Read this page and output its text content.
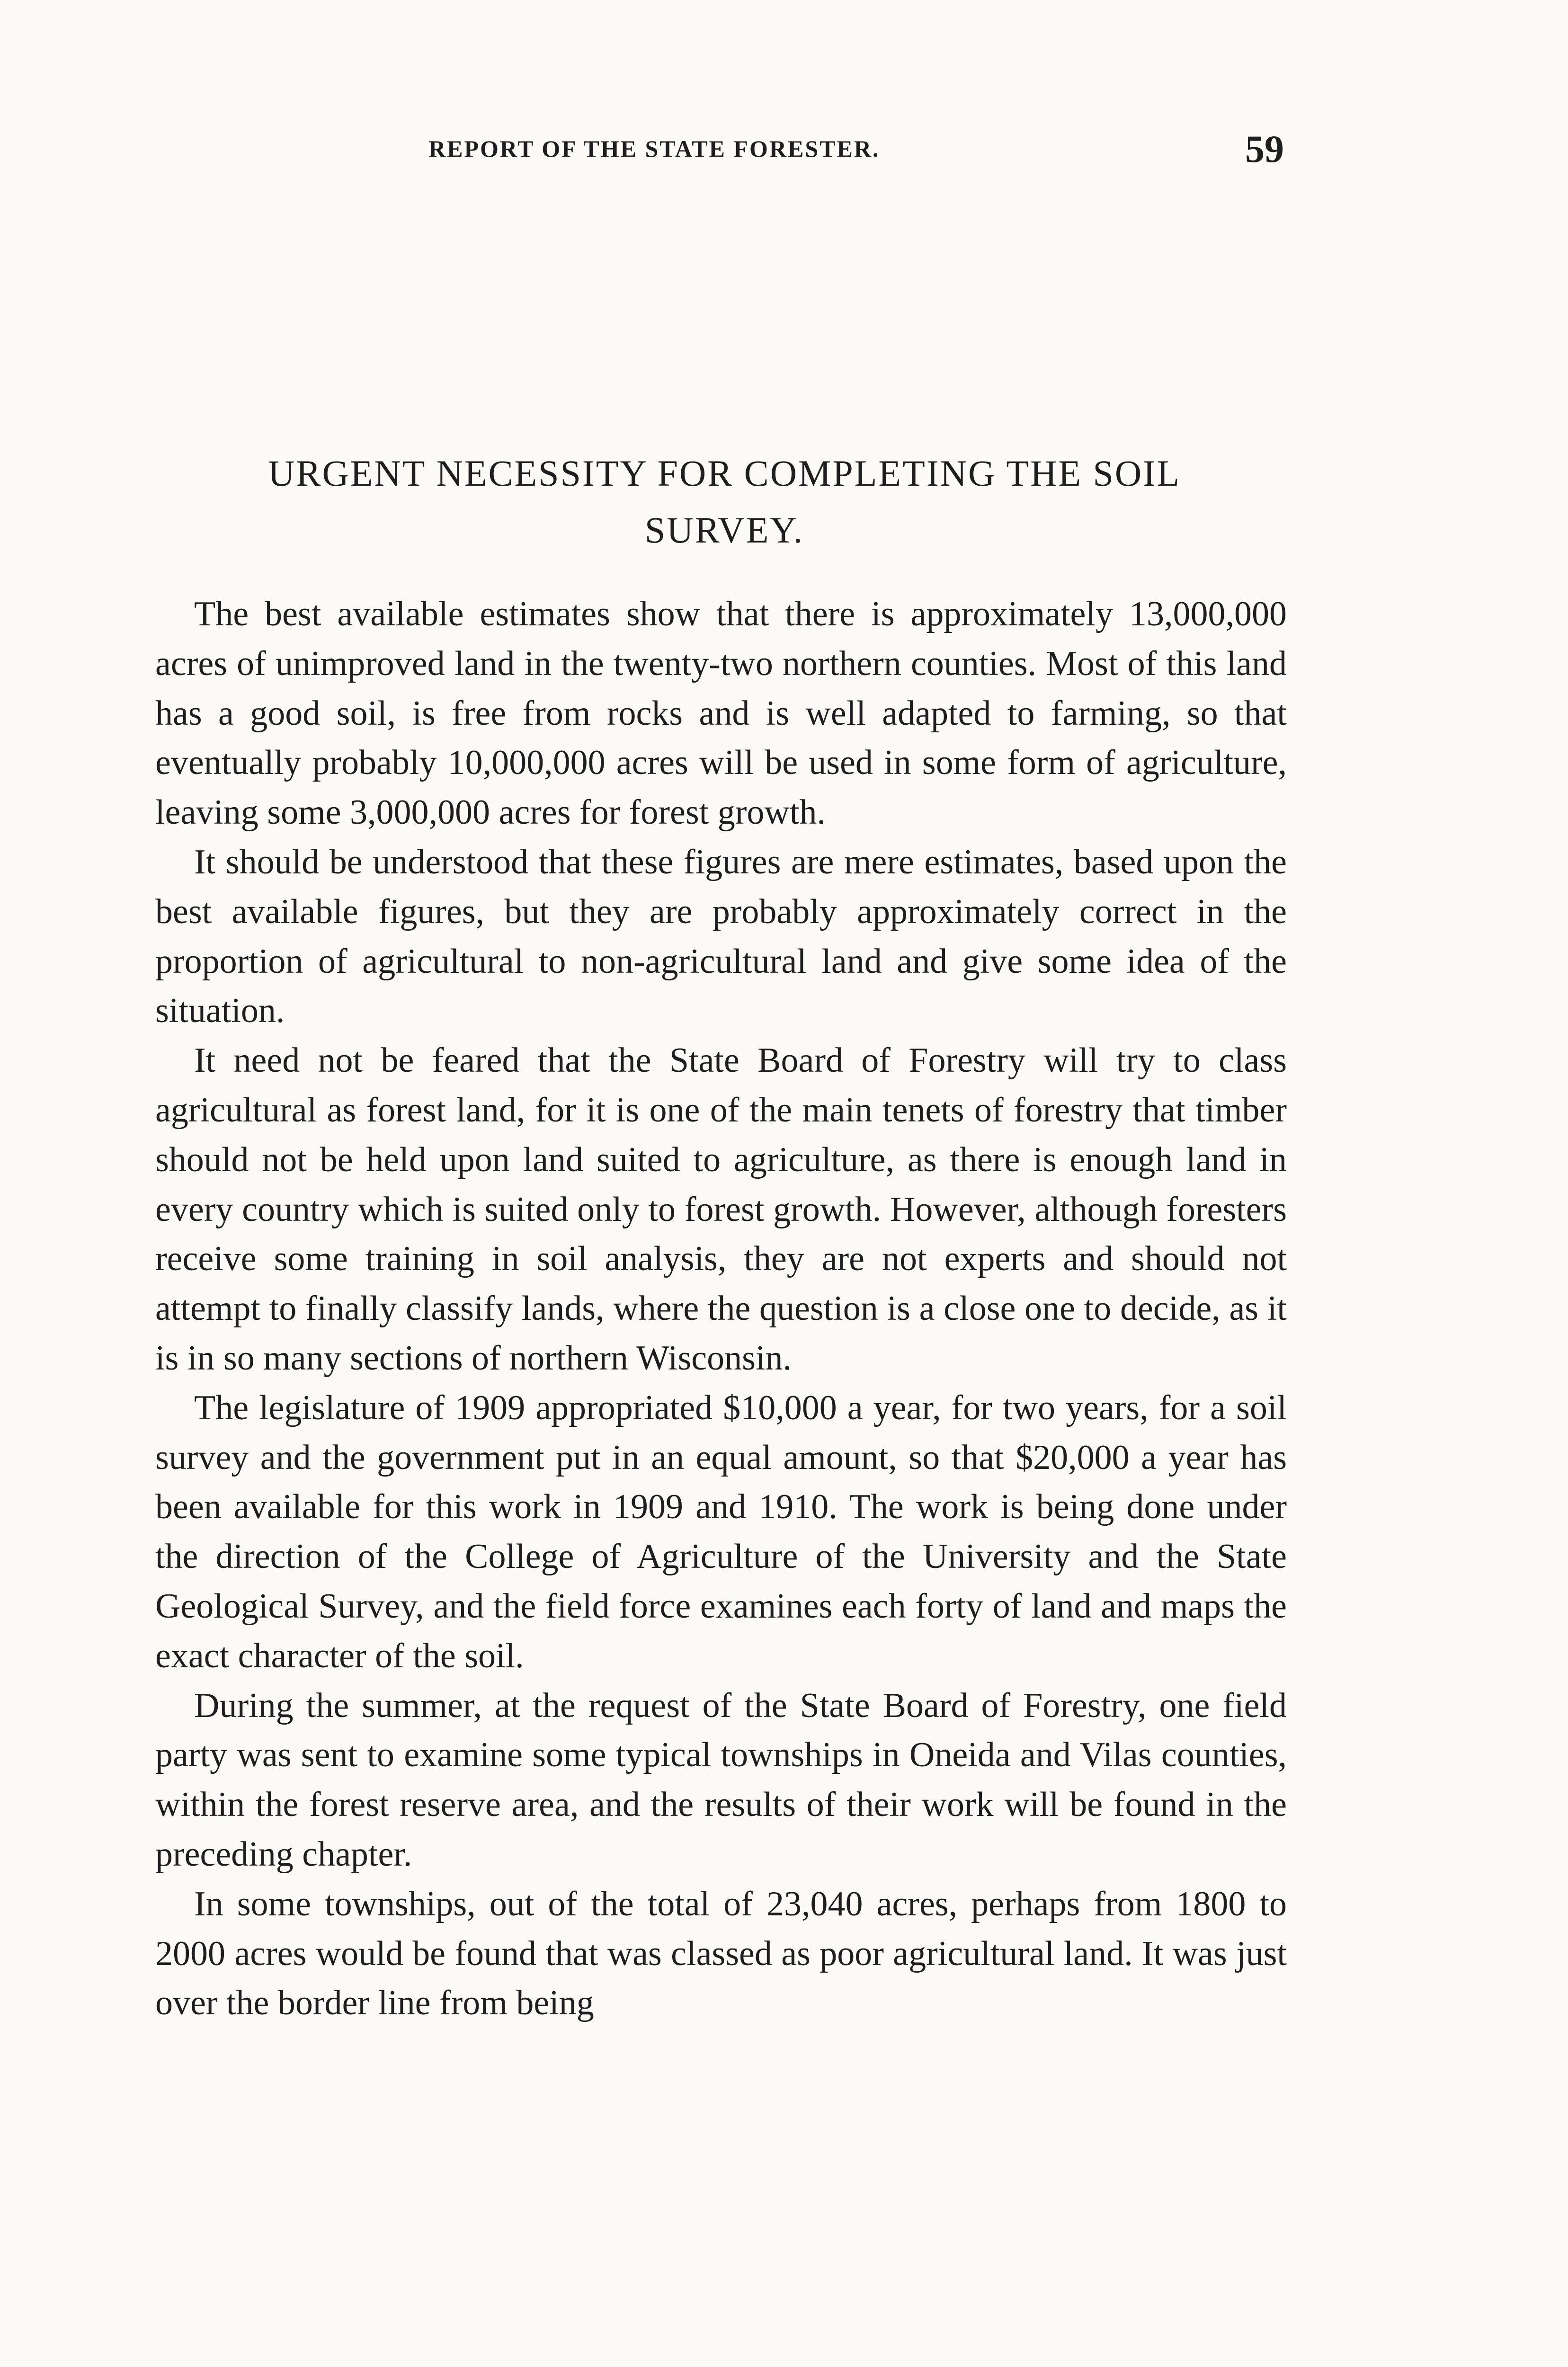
REPORT OF THE STATE FORESTER.	59
URGENT NECESSITY FOR COMPLETING THE SOIL
SURVEY.

The best available estimates show that there is approximately 13,000,000 acres of unimproved land in the twenty-two northern counties. Most of this land has a good soil, is free from rocks and is well adapted to farming, so that eventually probably 10,000,000 acres will be used in some form of agriculture, leaving some 3,000,000 acres for forest growth.

It should be understood that these figures are mere estimates, based upon the best available figures, but they are probably approximately correct in the proportion of agricultural to non-agricultural land and give some idea of the situation.

It need not be feared that the State Board of Forestry will try to class agricultural as forest land, for it is one of the main tenets of forestry that timber should not be held upon land suited to agriculture, as there is enough land in every country which is suited only to forest growth. However, although foresters receive some training in soil analysis, they are not experts and should not attempt to finally classify lands, where the question is a close one to decide, as it is in so many sections of northern Wisconsin.

The legislature of 1909 appropriated $10,000 a year, for two years, for a soil survey and the government put in an equal amount, so that $20,000 a year has been available for this work in 1909 and 1910. The work is being done under the direction of the College of Agriculture of the University and the State Geological Survey, and the field force examines each forty of land and maps the exact character of the soil.

During the summer, at the request of the State Board of Forestry, one field party was sent to examine some typical townships in Oneida and Vilas counties, within the forest reserve area, and the results of their work will be found in the preceding chapter.

In some townships, out of the total of 23,040 acres, perhaps from 1800 to 2000 acres would be found that was classed as poor agricultural land. It was just over the border line from being
